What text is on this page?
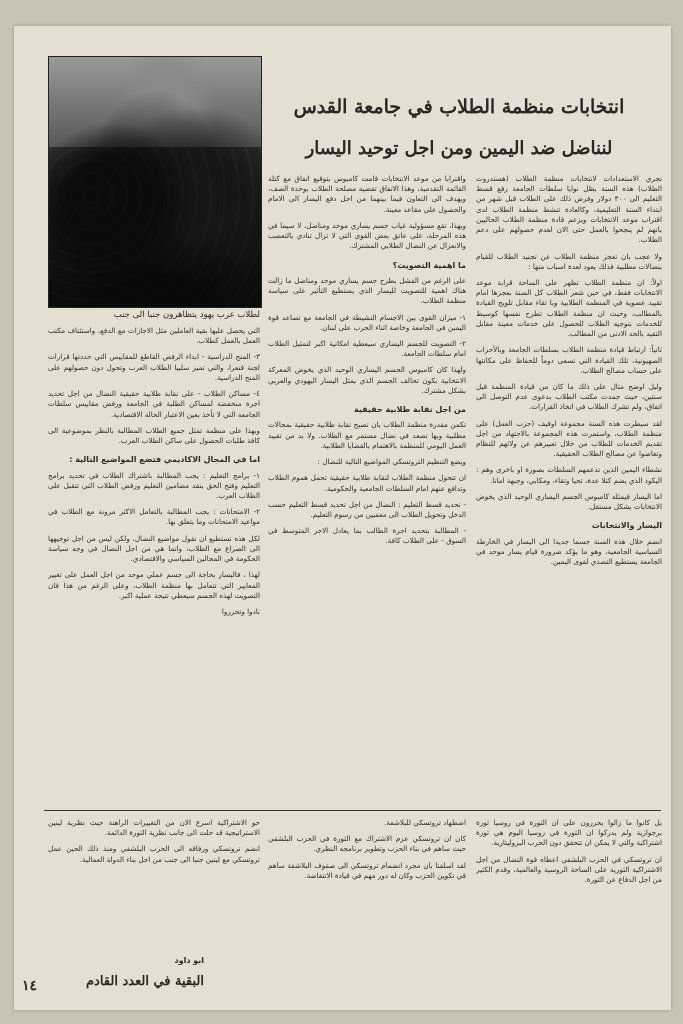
لطلاب عرب يهود يتظاهرون جنبا الى جنب
انتخابات منظمة الطلاب في جامعة القدس
لنناضل ضد اليمين ومن اجل توحيد اليسار

تجري الاستعدادات لانتخابات منظمة الطلاب (هستدروت الطلاب) هذه السنة بظل نوايا سلطات الجامعة رفع قسط التعليم الى ٣٠٠ دولار وفرض ذلك على الطلاب قبل شهر من ابتداء السنة التعليمية، وكالعادة تنشط منظمة الطلاب لدى اقتراب موعد الانتخابات ويزعم قادة منظمة الطلاب الحاليين بانهم لم ينجحوا بالعمل حتى الان لعدم حصولهم على دعم الطلاب.

ولا عجب بان تعجز منظمة الطلاب عن تجنيد الطلاب للقيام بنضالات مطلبية فذلك يعود لعدة اسباب منها :

اولاً: ان منظمة الطلاب تظهر على الساحة قرابة موعد الانتخابات فقط، في حين شعر الطلاب كل السنة بعجزها امام تقييد عضوية في المنظمة الطلابية وبا تقاء مقابل تلويح القيادة بالمطالب، وحيث ان منظمة الطلاب تطرح نفسها كوسيط للخدمات بتوجيه الطلاب للحصول على خدمات معينة مقابل التقيد بالحد الادنى من المطالب.

ثانياً: ارتباط قيادة منظمة الطلاب بسلطات الجامعة وبالأحزاب الصهيونية، تلك القيادة التي تسعى دوماً للحفاظ على مكانتها على حساب مصالح الطلاب.

وليل اوضح مثال على ذلك ما كان من قيادة المنظمة قبل سنتين، حيث جمدت مكتب الطلاب بدعوى عدم التوصل الى اتفاق، ولم تشرك الطلاب في اتخاذ القرارات.

لقد سيطرت هذه السنة مجموعة اوقيف (حزب العمل) على منظمة الطلاب، واستمرت هذه المجموعة بالاجتهاد من اجل تقديم الخدمات للطلاب من خلال تعبيرهم عن ولائهم للنظام وتغاضوا عن مصالح الطلاب الحقيقية.

نشطاء اليمين الذين تدعمهم السلطات بصورة او باخرى وهم : اليكود الذي يضم كتلا عدة، تحيا وتقاء، ومكابي، وجبهة امانا.

اما اليسار فيمثله كامبوس الجسم اليساري الوحيد الذي يخوض الانتخابات بشكل مستقل.

اليسار والانتخابات

انضم خلال هذه السنة جسما جديدا الى اليسار في الخارطة السياسية الجامعية، وهو ما يؤكد ضرورة قيام يسار موحد في الجامعة يستطيع التصدي لقوى اليمين.

واقترابا من موعد الانتخابات قامت كامبوس بتوقيع اتفاق مع كتلة القائمة التقدمية، وهذا الاتفاق تقضيه مصلحة الطلاب بوحدة الصف، ويهدف الى التعاون فيما بينهما من اجل دفع اليسار الى الامام والحصول على مقاعد معينة.

وبهذا، تقع مسؤولية غياب جسم يساري موحد ومناضل، لا سيما في هذه المرحلة، على عاتق بعض القوى التي لا تزال تنادي بالتعصب والانعزال عن النضال الطلابي المشترك.

ما اهمية التصويت؟

على الرغم من الفشل بطرح جسم يساري موحد ومناضل ما زالت هناك اهمية للتصويت لليسار الذي يستطيع التأثير على سياسة منظمة الطلاب.

١- ميزان القوى بين الاجسام النشيطة في الجامعة مع تصاعد قوة اليمين في الجامعة وخاصة اثناء الحرب على لبنان.

٢- التصويت للجسم اليساري سيعطيه امكانية اكبر لتمثيل الطلاب امام سلطات الجامعة.

ولهذا كان كامبوس الجسم اليساري الوحيد الذي يخوض المعركة الانتخابية بكون تحالف الجسم الذي يمثل اليسار اليهودي والعربي بشكل مشترك.

من اجل نقابة طلابية حقيقية

تكمن مقدرة منظمة الطلاب بان تصبح نقابة طلابية حقيقية بمجالات مطلبية وبها تصعد في نضال مستمر مع الطلاب. ولا بد من تقييد العمل اليومي للمنظمة بالاهتمام بالقضايا الطلابية.

ويضع التنظيم التروتسكي المواضيع التالية للنضال :

ان تتحول منظمة الطلاب لنقابة طلابية حقيقية تحمل هموم الطلاب وتدافع عنهم امام السلطات الجامعية والحكومية.

- تحديد قسط التعليم : النضال من اجل تحديد قسط التعليم حسب الدخل وتحويل الطلاب الى معفيين من رسوم التعليم.

- المطالبة بتحديد اجرة الطالب بما يعادل الاجر المتوسط في السوق - على الطلاب كافة.

التي يحصل عليها بقية العاملين مثل الاجازات مع الدفع، واستئناف مكتب العمل بالعمل كطلاب.

٣- المنح الدراسية - ابداء الرفض القاطع للمقاييس التي حددتها قرارات لجنة قنعرا، والتي تميز سلبيا الطلاب العرب وتحول دون حصولهم على المنح الدراسية.

٤- مساكن الطلاب - على نقابة طلابية حقيقية النضال من اجل تحديد اجرة منخفضة لمساكن الطلبة في الجامعة ورفض مقاييس سلطات الجامعة التي لا تأخذ بعين الاعتبار الحالة الاقتصادية.

وبهذا على منظمة تمثل جميع الطلاب المطالبة بالنظر بموضوعية الى كافة طلبات الحصول على ساكن الطلاب العرب.

اما في المجال الاكاديمي فتضع المواضيع التالية :

١- برامج التعليم : يجب المطالبة باشتراك الطلاب في تحديد برامج التعليم وفتح الحق بنقد مضامين التعليم ورفض الطلاب التي تتقبل على الطلاب العرب.

٢- الامتحانات : يجب المطالبة بالتعامل الاكثر مرونة مع الطلاب في مواعيد الامتحانات وما يتعلق بها.

لكل هذه نستطيع ان نقول مواضيع النضال، ولكن ليس من اجل توجيهها الى الصراع مع الطلاب، وانما هي من اجل النضال في وجه سياسة الحكومة في المجالين السياسي والاقتصادي.

لهذا ، فاليسار بحاجة الى جسم عملي موحد من اجل العمل على تغيير المعايير التي تتعامل بها منظمة الطلاب، وعلى الرغم من هذا فان التصويت لهذه الجسم سيعطي نتيجة عملية اكبر.

نادوا وتحرروا

بل كانوا ما زالوا يحررون على ان الثورة في روسيا ثورة برجوازية ولم يدركوا ان الثورة في روسيا اليوم هي ثورة اشتراكية والتي لا يمكن ان تتحقق دون الحرب البروليتارية.

ان تروتسكي في الحزب البلشفي اعطاه قوة النضال من اجل الاشتراكية الثورية على الساحة الروسية والعالمية، وقدم الكثير من اجل الدفاع عن الثورة.

اضطهاد تروتسكي للبلاشفة.

كان ان تروتسكي عزم الاشتراك مع الثورة في الحزب البلشفي حيث ساهم في بناء الحزب وتطوير برنامجه النظري.

لقد اسلفنا بان مجرد انضمام تروتسكي الى صفوف البلاشفة ساهم في تكوين الحزب وكان له دور مهم في قيادة الانتفاضة.

حو الاشتراكية اسرع الان من التغييرات الراهنة حيث نظرية لينين الاستراتيجية قد حلت الى جانب نظرية الثورة الدائمة.

انضم تروتسكي ورفاقه الى الحزب البلشفي ومنذ ذلك الحين عمل تروتسكي مع لينين جنبا الى جنب من اجل بناء الدولة العمالية.

ابو داود
البقية في العدد القادم
١٤
